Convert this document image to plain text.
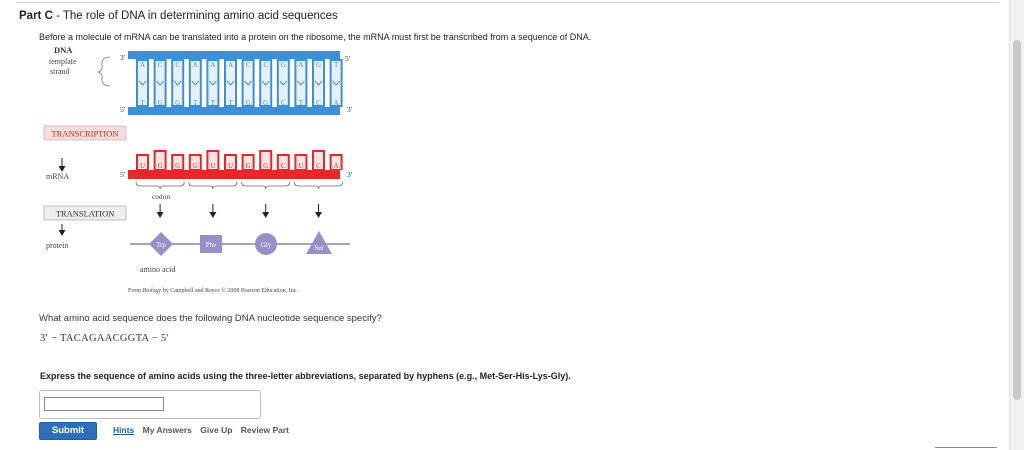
Part C - The role of DNA in determining amino acid sequences
Before a molecule of mRNA can be translated into a protein on the ribosome, the mRNA must first be transcribed from a sequence of DNA.
DNA
template
strand
3′	5′
5′	3′
A
T
C
G
C
G
A
T
A
T
A
T
C
G
C
G
G
C
A
T
G
C
T
A
TRANSCRIPTION
mRNA	5′	3′
U G G U U U G G C U C A
codon
TRANSLATION
protein	Trp	Phe	Gly	Ser
amino acid
From Biology by Campbell and Reece © 2008 Pearson Education, Inc.
What amino acid sequence does the following DNA nucleotide sequence specify?
3′ − TACAGAACGGTA − 5′
Express the sequence of amino acids using the three-letter abbreviations, separated by hyphens (e.g., Met-Ser-His-Lys-Gly).
Submit	Hints My Answers Give Up Review Part
